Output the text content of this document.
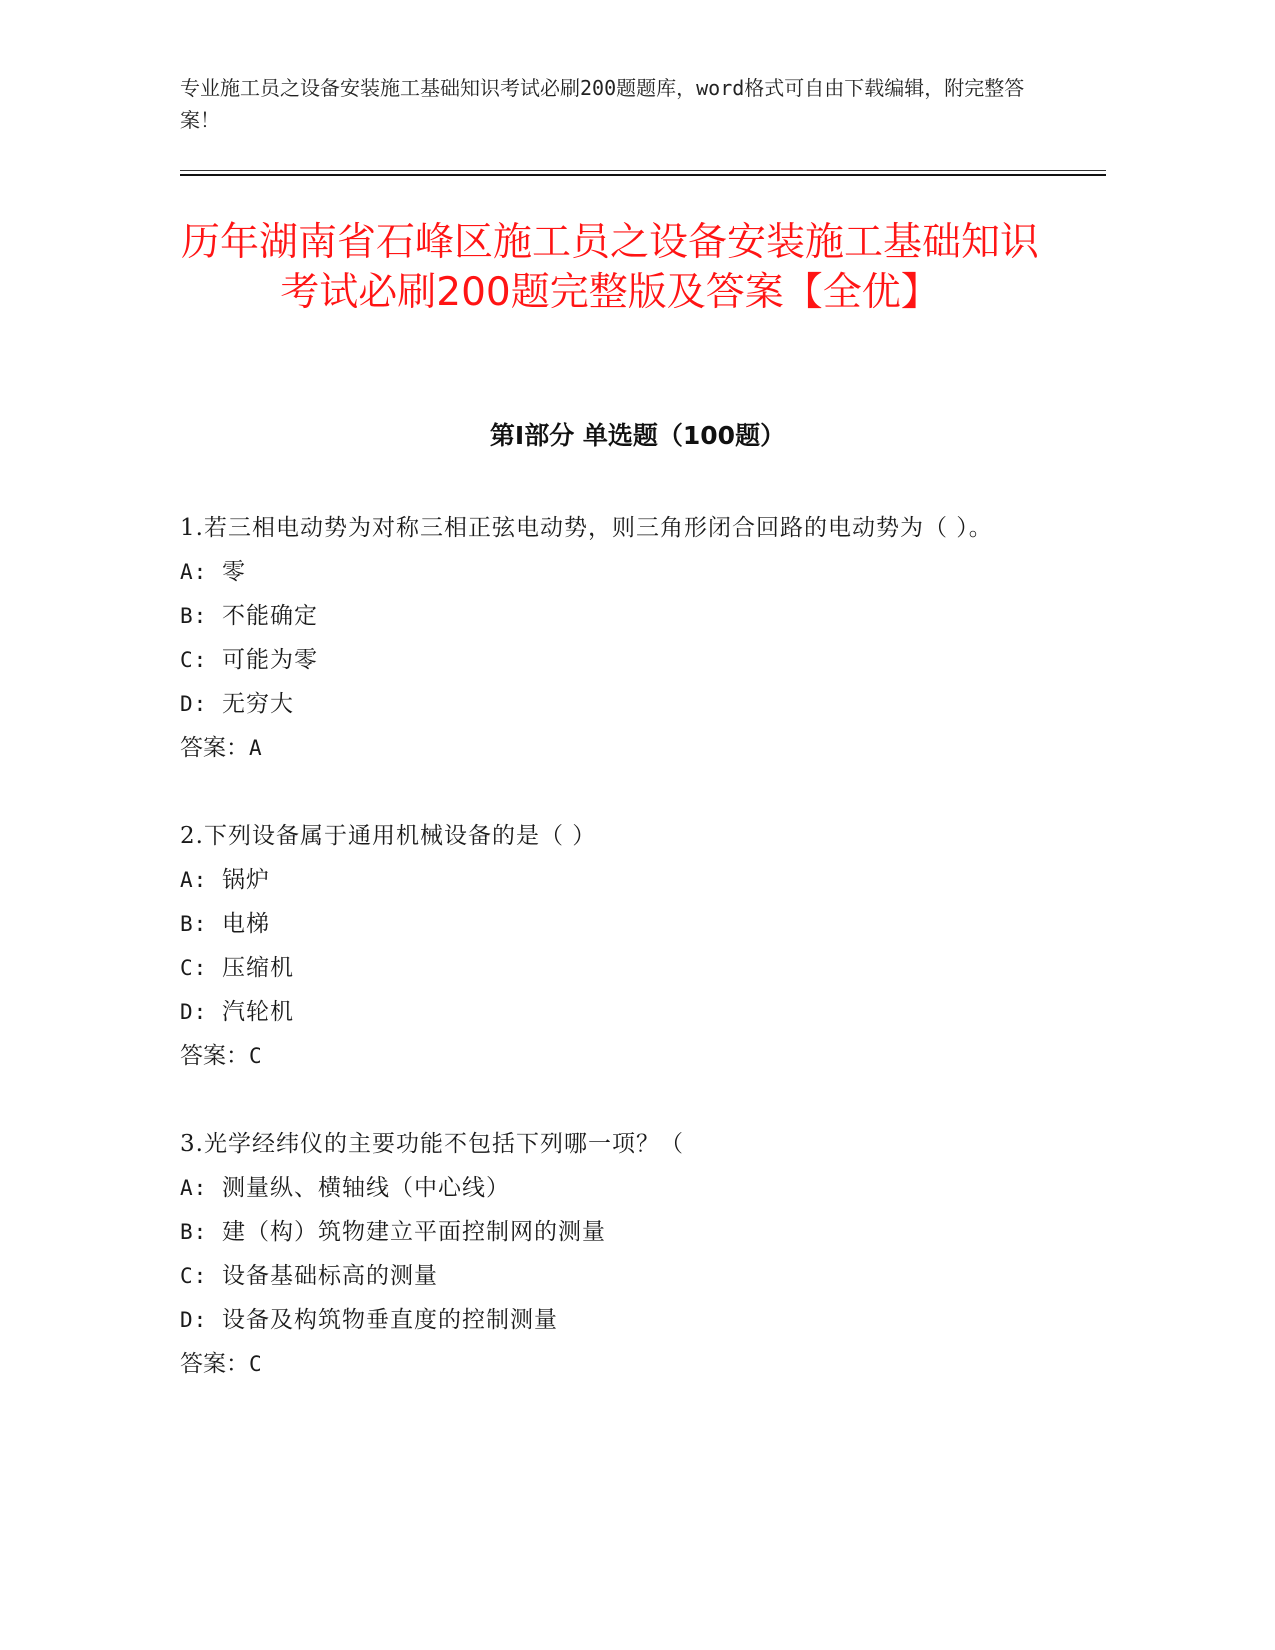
专业施工员之设备安装施工基础知识考试必刷200题题库，word格式可自由下载编辑，附完整答案！
历年湖南省石峰区施工员之设备安装施工基础知识考试必刷200题完整版及答案【全优】
第Ⅰ部分 单选题（100题）
1.若三相电动势为对称三相正弦电动势，则三角形闭合回路的电动势为（ ）。
A: 零
B: 不能确定
C: 可能为零
D: 无穷大
答案：A
2.下列设备属于通用机械设备的是（ ）
A: 锅炉
B: 电梯
C: 压缩机
D: 汽轮机
答案：C
3.光学经纬仪的主要功能不包括下列哪一项？（
A: 测量纵、横轴线（中心线）
B: 建（构）筑物建立平面控制网的测量
C: 设备基础标高的测量
D: 设备及构筑物垂直度的控制测量
答案：C
